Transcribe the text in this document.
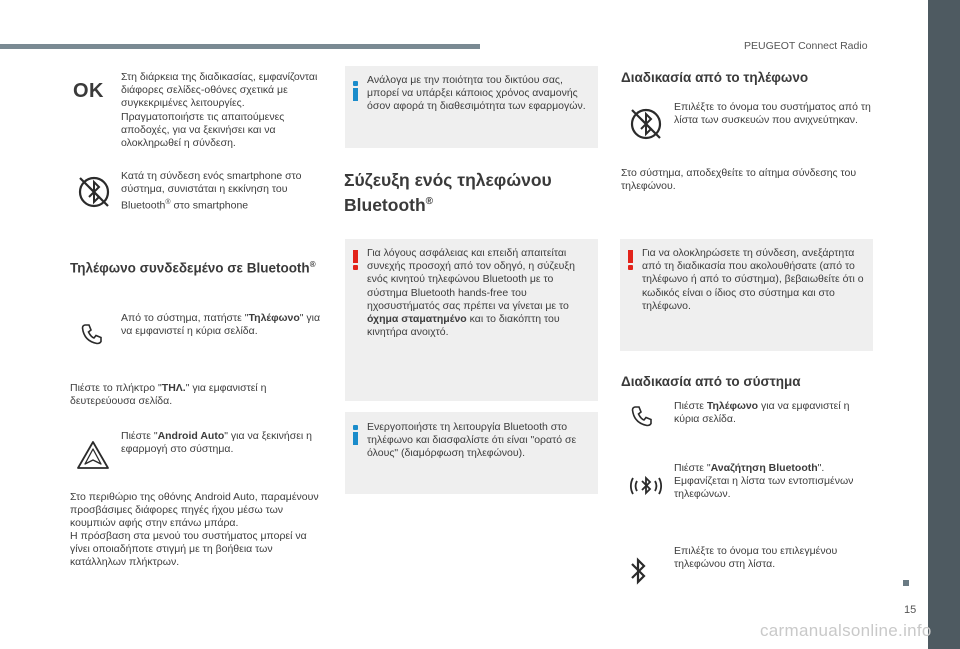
PEUGEOT Connect Radio
OK
Στη διάρκεια της διαδικασίας, εμφανίζονται διάφορες σελίδες-οθόνες σχετικά με συγκεκριμένες λειτουργίες. Πραγματοποιήστε τις απαιτούμενες αποδοχές, για να ξεκινήσει και να ολοκληρωθεί η σύνδεση.
Κατά τη σύνδεση ενός smartphone στο σύστημα, συνιστάται η εκκίνηση του Bluetooth® στο smartphone
Τηλέφωνο συνδεδεμένο σε Bluetooth®
Από το σύστημα, πατήστε "Τηλέφωνο" για να εμφανιστεί η κύρια σελίδα.
Πιέστε το πλήκτρο "ΤΗΛ." για εμφανιστεί η δευτερεύουσα σελίδα.
Πιέστε "Android Auto" για να ξεκινήσει η εφαρμογή στο σύστημα.
Στο περιθώριο της οθόνης Android Auto, παραμένουν προσβάσιμες διάφορες πηγές ήχου μέσω των κουμπιών αφής στην επάνω μπάρα.
Η πρόσβαση στα μενού του συστήματος μπορεί να γίνει οποιαδήποτε στιγμή με τη βοήθεια των κατάλληλων πλήκτρων.
Ανάλογα με την ποιότητα του δικτύου σας, μπορεί να υπάρξει κάποιος χρόνος αναμονής όσον αφορά τη διαθεσιμότητα των εφαρμογών.
Σύζευξη ενός τηλεφώνου
Bluetooth®
Για λόγους ασφάλειας και επειδή απαιτείται συνεχής προσοχή από τον οδηγό, η σύζευξη ενός κινητού τηλεφώνου Bluetooth με το σύστημα Bluetooth hands-free του ηχοσυστήματός σας πρέπει να γίνεται με το όχημα σταματημένο και το διακόπτη του κινητήρα ανοιχτό.
Ενεργοποιήστε τη λειτουργία Bluetooth στο τηλέφωνο και διασφαλίστε ότι είναι "ορατό σε όλους" (διαμόρφωση τηλεφώνου).
Διαδικασία από το τηλέφωνο
Επιλέξτε το όνομα του συστήματος από τη λίστα των συσκευών που ανιχνεύτηκαν.
Στο σύστημα, αποδεχθείτε το αίτημα σύνδεσης του τηλεφώνου.
Για να ολοκληρώσετε τη σύνδεση, ανεξάρτητα από τη διαδικασία που ακολουθήσατε (από το τηλέφωνο ή από το σύστημα), βεβαιωθείτε ότι ο κωδικός είναι ο ίδιος στο σύστημα και στο τηλέφωνο.
Διαδικασία από το σύστημα
Πιέστε Τηλέφωνο για να εμφανιστεί η κύρια σελίδα.
Πιέστε "Αναζήτηση Bluetooth". Εμφανίζεται η λίστα των εντοπισμένων τηλεφώνων.
Επιλέξτε το όνομα του επιλεγμένου τηλεφώνου στη λίστα.
15
carmanualsonline.info
